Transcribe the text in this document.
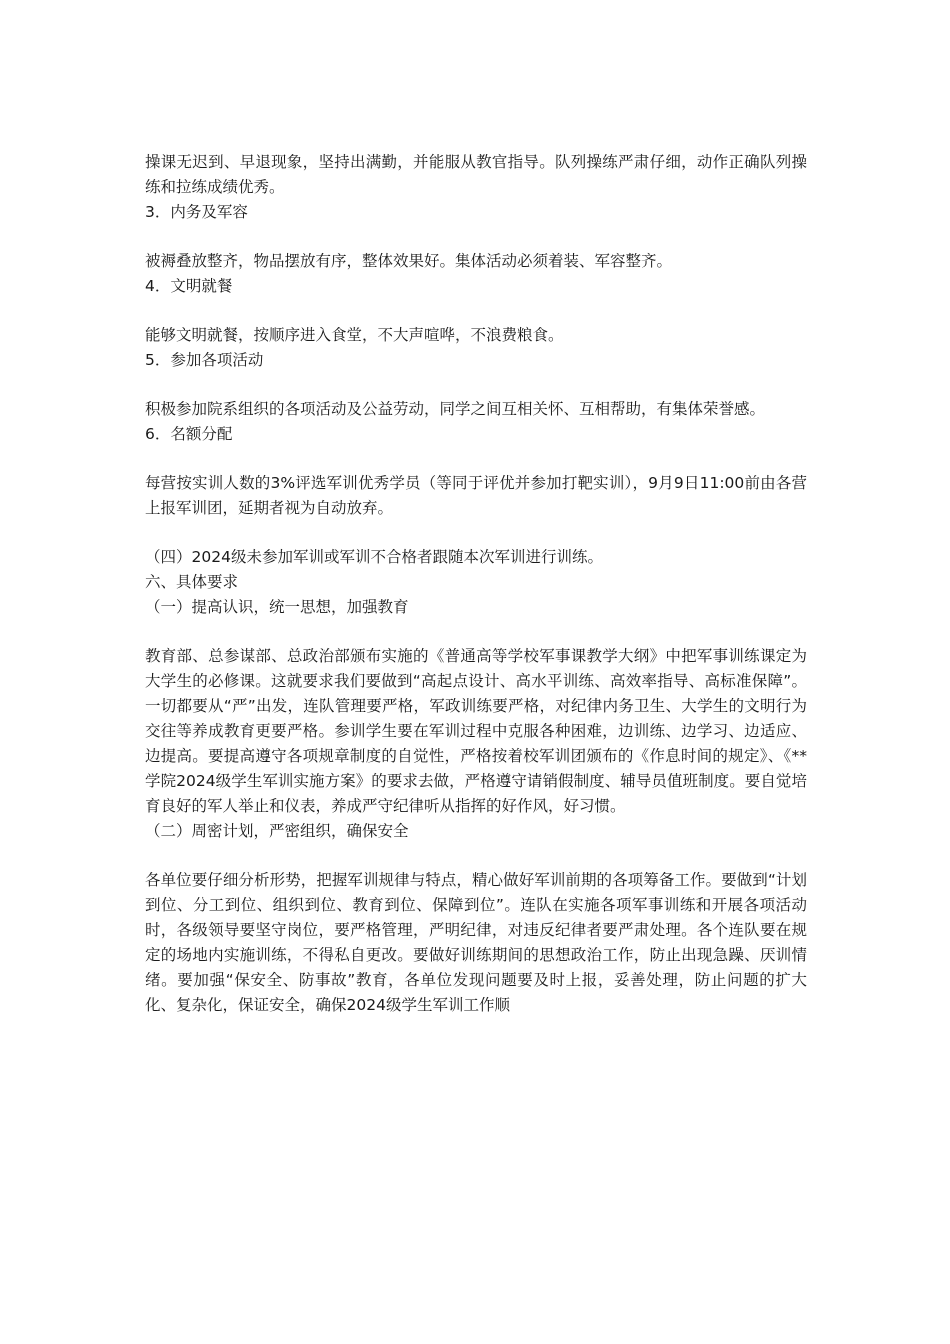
操课无迟到、早退现象，坚持出满勤，并能服从教官指导。队列操练严肃仔细，动作正确队列操练和拉练成绩优秀。

3．内务及军容

被褥叠放整齐，物品摆放有序，整体效果好。集体活动必须着装、军容整齐。

4．文明就餐

能够文明就餐，按顺序进入食堂，不大声喧哗，不浪费粮食。

5．参加各项活动

积极参加院系组织的各项活动及公益劳动，同学之间互相关怀、互相帮助，有集体荣誉感。

6．名额分配

每营按实训人数的3%评选军训优秀学员（等同于评优并参加打靶实训），9月9日11:00前由各营上报军训团，延期者视为自动放弃。

（四）2024级未参加军训或军训不合格者跟随本次军训进行训练。

六、具体要求

（一）提高认识，统一思想，加强教育

教育部、总参谋部、总政治部颁布实施的《普通高等学校军事课教学大纲》中把军事训练课定为大学生的必修课。这就要求我们要做到“高起点设计、高水平训练、高效率指导、高标准保障”。一切都要从“严”出发，连队管理要严格，军政训练要严格，对纪律内务卫生、大学生的文明行为交往等养成教育更要严格。参训学生要在军训过程中克服各种困难，边训练、边学习、边适应、边提高。要提高遵守各项规章制度的自觉性，严格按着校军训团颁布的《作息时间的规定》、《**学院2024级学生军训实施方案》的要求去做，严格遵守请销假制度、辅导员值班制度。要自觉培育良好的军人举止和仪表，养成严守纪律听从指挥的好作风，好习惯。

（二）周密计划，严密组织，确保安全

各单位要仔细分析形势，把握军训规律与特点，精心做好军训前期的各项筹备工作。要做到“计划到位、分工到位、组织到位、教育到位、保障到位”。连队在实施各项军事训练和开展各项活动时，各级领导要坚守岗位，要严格管理，严明纪律，对违反纪律者要严肃处理。各个连队要在规定的场地内实施训练，不得私自更改。要做好训练期间的思想政治工作，防止出现急躁、厌训情绪。要加强“保安全、防事故”教育，各单位发现问题要及时上报，妥善处理，防止问题的扩大化、复杂化，保证安全，确保2024级学生军训工作顺
